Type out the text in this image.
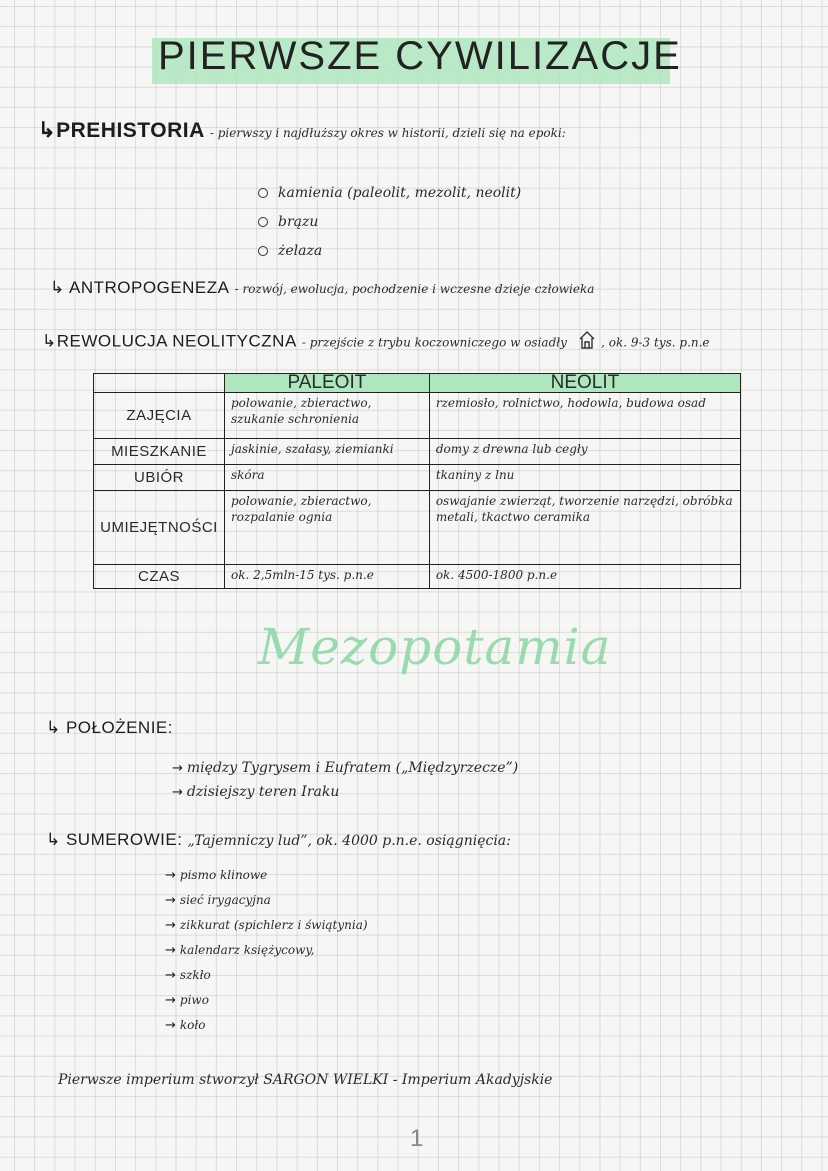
PIERWSZE CYWILIZACJE
↳PREHISTORIA - pierwszy i najdłuższy okres w historii, dzieli się na epoki:
kamienia (paleolit, mezolit, neolit)
brązu
żelaza
↳ ANTROPOGENEZA - rozwój, ewolucja, pochodzenie i wczesne dzieje człowieka
↳REWOLUCJA NEOLITYCZNA - przejście z trybu koczowniczego w osiadły	, ok. 9-3 tys. p.n.e
	PALEOIT	NEOLIT
ZAJĘCIA	polowanie, zbieractwo, szukanie schronienia	rzemiosło, rolnictwo, hodowla, budowa osad
MIESZKANIE	jaskinie, szałasy, ziemianki	domy z drewna lub cegły
UBIÓR	skóra	tkaniny z lnu
UMIEJĘTNOŚCI	polowanie, zbieractwo, rozpalanie ognia	oswajanie zwierząt, tworzenie narzędzi, obróbka metali, tkactwo ceramika
CZAS	ok. 2,5mln-15 tys. p.n.e	ok. 4500-1800 p.n.e
Mezopotamia
↳ POŁOŻENIE:
→ między Tygrysem i Eufratem („Międzyrzecze”)
→ dzisiejszy teren Iraku
↳ SUMEROWIE: „Tajemniczy lud”, ok. 4000 p.n.e. osiągnięcia:
→ pismo klinowe
→ sieć irygacyjna
→ zikkurat (spichlerz i świątynia)
→ kalendarz księżycowy,
→ szkło
→ piwo
→ koło
Pierwsze imperium stworzył SARGON WIELKI - Imperium Akadyjskie
1
